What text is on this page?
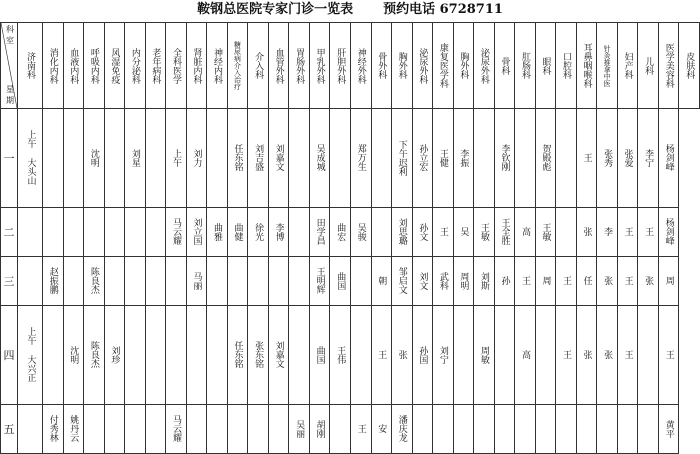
鞍钢总医院专家门诊一览表 预约电话 6728711
科室
星期	济南科	消化内科	血液内科	呼吸内科	风湿免疫	内分泌科	老年病科	全科医学	肾脏内科	神经内科	糖尿病介入治疗	介入科	血管外科	胃肠外科	甲乳外科	肝胆外科	神经外科	骨外科	胸外科	泌尿外科	康复医学科	胸外科	泌尿外科	骨科	肛肠科	眼科	口腔科	耳鼻咽喉科	针灸推拿中医	妇产科	儿科	医学美容科	皮肤科

一	上午 大头山			沈明		刘星		上午	刘力		任东铭	刘吉盛	刘嘉文		吴成城		郑万生		下午迟利	孙立宏	王健	李振		李钦刚		贺殿彪		王	张秀	张爱	李宁	杨剑峰	

二								马云耀	刘立国	曲雅	曲健	徐光	李博		田学昌	曲宏	吴骏		刘思璐	孙文	王	吴	王敏	王全胜	高	王敏		张	李	王	王	杨剑峰	

三		赵振鹏		陈良杰					马丽						王明辉	曲国		朝	邹启文	刘文	武科	周明	刘斯	孙	王	周	王	任	张	王	张	周	

四	上午 大兴正		沈明	陈良杰	刘珍						任东铭	张东铭	刘嘉文		曲国	王伟		王	张	孙国	刘宁		周敏		高		王	张	张	王		王	

五		付秀林	姚丹云					马云耀						吴丽	胡刚		王	安	潘庆龙													黄平	
